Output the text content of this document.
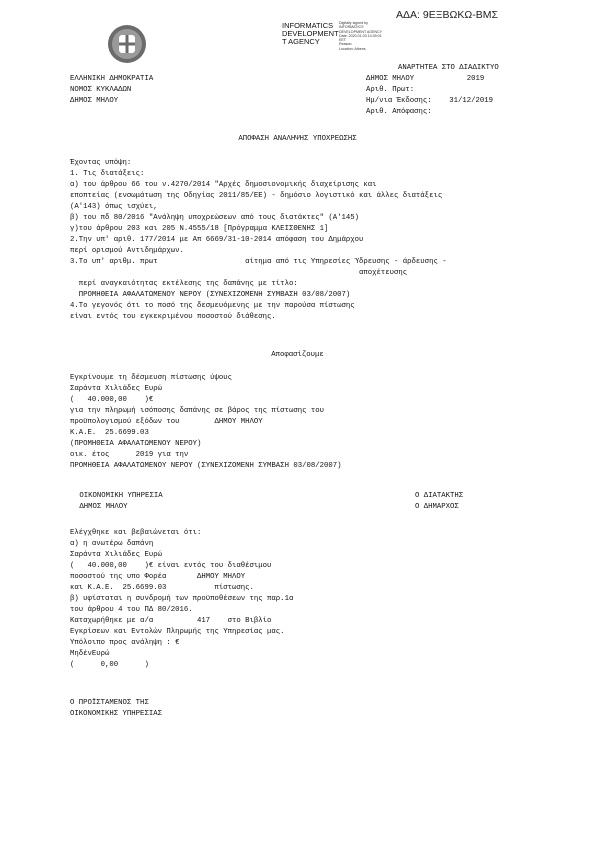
ΑΔΑ: 9ΕΞΒΩΚΩ-ΒΜΣ
INFORMATICS
DEVELOPMENT
T AGENCY
Digitally signed by
INFORMATICS
DEVELOPMENT AGENCY
Date: 2020.01.03 14:39:01
EET
Reason:
Location: Athens
ΑΝΑΡΤΗΤΕΑ ΣΤΟ ΔΙΑΔΙΚΤΥΟ
ΕΛΛΗΝΙΚΗ ΔΗΜΟΚΡΑΤΙΑ
ΝΟΜΟΣ ΚΥΚΛΑΔΩΝ
ΔΗΜΟΣ ΜΗΛΟΥ
ΔΗΜΟΣ ΜΗΛΟΥ            2019
Αριθ. Πρωτ:
Ημ/νια Έκδοσης:    31/12/2019
Αριθ. Απόφασης:
ΑΠΟΦΑΣΗ ΑΝΑΛΗΨΗΣ ΥΠΟΧΡΕΩΣΗΣ
Έχοντας υπόψη:
1. Τις διατάξεις:
α) του άρθρου 66 του ν.4270/2014 "Αρχές δημοσιονομικής διαχείρισης και
εποπτείας (ενσωμάτωση της Οδηγίας 2011/85/ΕΕ) - δημόσιο λογιστικό και άλλες διατάξεις
(Α'143) όπως ισχύει,
β) του πδ 80/2016 "Ανάληψη υποχρεώσεων από τους διατάκτες" (Α'145)
γ)του άρθρου 203 και 205 Ν.4555/18 [Πρόγραμμα ΚΛΕΙΣΘΕΝΗΣ 1]
2.Την υπ' αριθ. 177/2014 με Απ 6669/31-10-2014 απόφαση του Δημάρχου
περί ορισμού Αντιδημάρχων.
3.Το υπ' αριθμ. πρωτ                    αίτημα από τις Υπηρεσίες Ύδρευσης - άρδευσης -
αποχέτευσης
περί αναγκαιότητας εκτέλεσης της δαπάνης με τίτλο:
ΠΡΟΜΗΘΕΙΑ ΑΦΑΛΑΤΩΜΕΝΟΥ ΝΕΡΟΥ (ΣΥΝΕΧΙΖΟΜΕΝΗ ΣΥΜΒΑΣΗ 03/08/2007)
4.Το γεγονός ότι το ποσό της δεσμευόμενης με την παρούσα πίστωσης
είναι εντός του εγκεκριμένου ποσοστού διάθεσης.
Αποφασίζουμε
Εγκρίνουμε τη δέσμευση πίστωσης ύψους
Σαράντα Χιλιάδες Ευρώ
(   40.000,00    )€
για την πληρωμή ισόποσης δαπάνης σε βάρος της πίστωσης του
προϋπολογισμού εξόδων του        ΔΗΜΟΥ ΜΗΛΟΥ
Κ.Α.Ε.  25.6699.03
(ΠΡΟΜΗΘΕΙΑ ΑΦΑΛΑΤΩΜΕΝΟΥ ΝΕΡΟΥ)
οικ. έτος      2019 για την
ΠΡΟΜΗΘΕΙΑ ΑΦΑΛΑΤΩΜΕΝΟΥ ΝΕΡΟΥ (ΣΥΝΕΧΙΖΟΜΕΝΗ ΣΥΜΒΑΣΗ 03/08/2007)
ΟΙΚΟΝΟΜΙΚΗ ΥΠΗΡΕΣΙΑ
ΔΗΜΟΣ ΜΗΛΟΥ
Ο ΔΙΑΤΑΚΤΗΣ
Ο ΔΗΜΑΡΧΟΣ
Ελέγχθηκε και βεβαιώνεται ότι:
α) η ανωτέρω δαπάνη
Σαράντα Χιλιάδες Ευρώ
(   40.000,00    )€ είναι εντός του διαθέσιμου
ποσοστού της υπο Φορέα       ΔΗΜΟΥ ΜΗΛΟΥ
και Κ.Α.Ε.  25.6699.03           πίστωσης.
β) υφίσταται η συνδρομή των προϋποθέσεων της παρ.1α
του άρθρου 4 του ΠΔ 80/2016.
Καταχωρήθηκε με α/α          417    στο Βιβλίο
Εγκρίσεων και Εντολών Πληρωμής της Υπηρεσίας μας.
Υπόλοιπο προς ανάληψη : €
ΜηδένΕυρώ
(      0,00      )
Ο ΠΡΟΪΣΤΑΜΕΝΟΣ ΤΗΣ
ΟΙΚΟΝΟΜΙΚΗΣ ΥΠΗΡΕΣΙΑΣ
